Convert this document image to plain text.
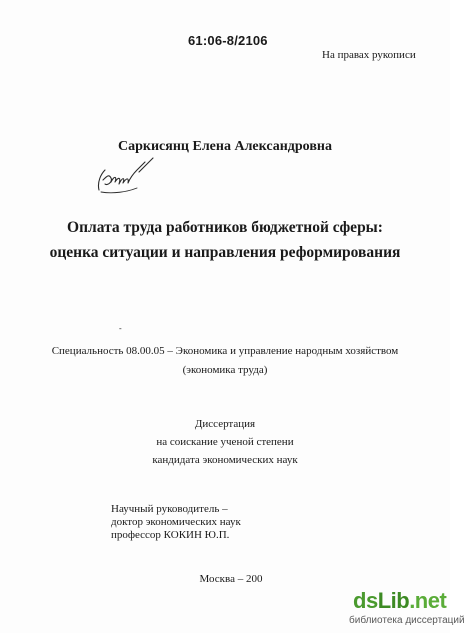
61:06-8/2106
На правах рукописи
Саркисянц Елена Александровна
Оплата труда работников бюджетной сферы:
оценка ситуации и направления реформирования
-
Специальность 08.00.05 – Экономика и управление народным хозяйством
(экономика труда)
Диссертация
на соискание ученой степени
кандидата экономических наук
Научный руководитель –
доктор экономических наук
профессор КОКИН Ю.П.
Москва – 200
dsLib.net
библиотека диссертаций
